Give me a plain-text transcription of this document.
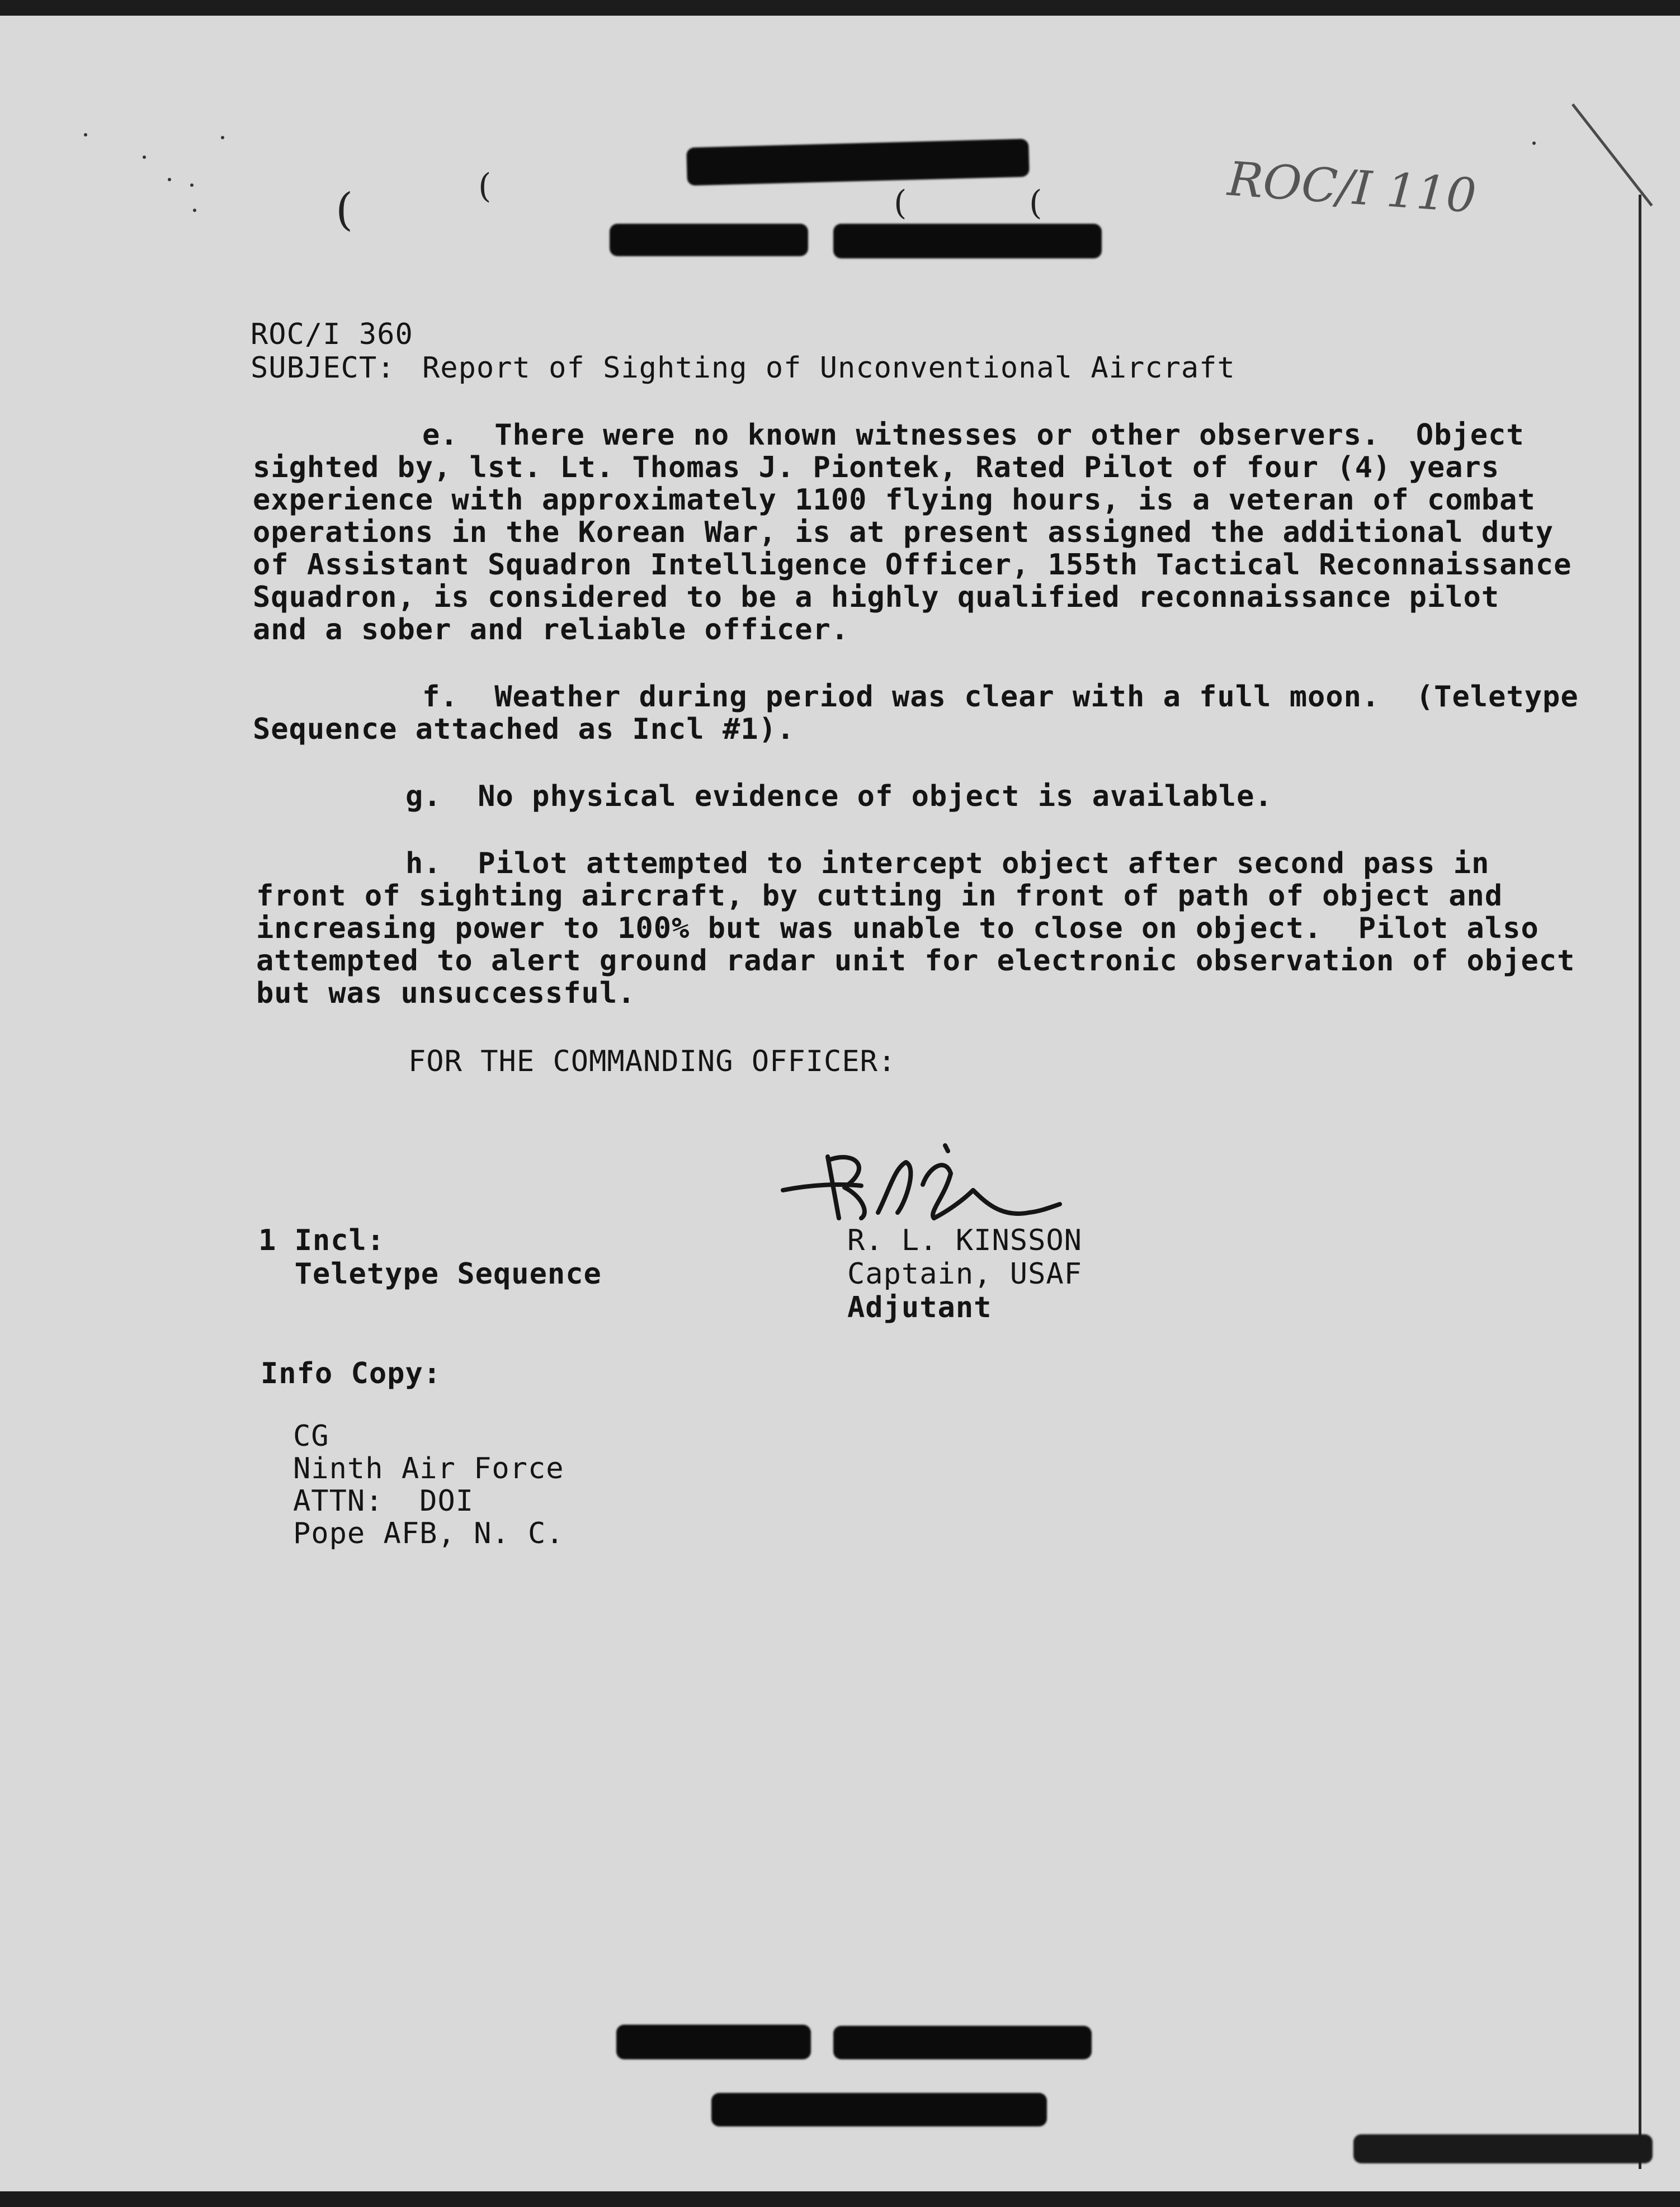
(	(	(	(	ROC/I 110
ROC/I 360
SUBJECT: Report of Sighting of Unconventional Aircraft
e.  There were no known witnesses or other observers.  Object
sighted by, lst. Lt. Thomas J. Piontek, Rated Pilot of four (4) years
experience with approximately 1100 flying hours, is a veteran of combat
operations in the Korean War, is at present assigned the additional duty
of Assistant Squadron Intelligence Officer, 155th Tactical Reconnaissance
Squadron, is considered to be a highly qualified reconnaissance pilot
and a sober and reliable officer.
f.  Weather during period was clear with a full moon.  (Teletype
Sequence attached as Incl #1).
g.  No physical evidence of object is available.
h.  Pilot attempted to intercept object after second pass in
front of sighting aircraft, by cutting in front of path of object and
increasing power to 100% but was unable to close on object.  Pilot also
attempted to alert ground radar unit for electronic observation of object
but was unsuccessful.
FOR THE COMMANDING OFFICER:
1 Incl:
Teletype Sequence
R. L. KINSSON
Captain, USAF
Adjutant
Info Copy:
CG
Ninth Air Force
ATTN:  DOI
Pope AFB, N. C.
